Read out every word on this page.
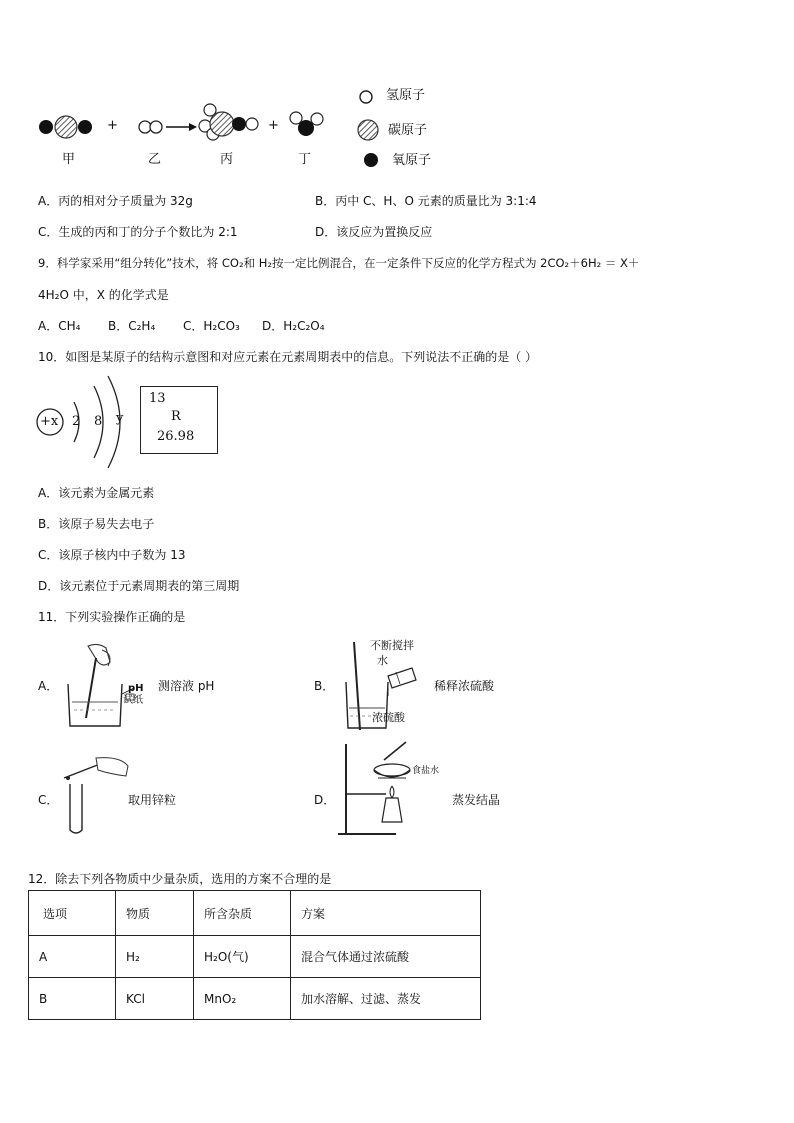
+	+
甲	乙	丙	丁
氢原子
碳原子
氧原子
A．丙的相对分子质量为 32g	B．丙中 C、H、O 元素的质量比为 3:1:4
C．生成的丙和丁的分子个数比为 2:1	D．该反应为置换反应
9．科学家采用“组分转化”技术，将 CO₂和 H₂按一定比例混合，在一定条件下反应的化学方程式为 2CO₂＋6H₂ ＝ X＋
4H₂O 中，X 的化学式是
A．CH₄ B．C₂H₄ C．H₂CO₃ D．H₂C₂O₄
10．如图是某原子的结构示意图和对应元素在元素周期表中的信息。下列说法不正确的是（ ）
+x 2 8 y
13
R
26.98
A．该元素为金属元素
B．该原子易失去电子
C．该原子核内中子数为 13
D．该元素位于元素周期表的第三周期
11．下列实验操作正确的是
A．	pH
试纸
测溶液 pH	B．
不断搅拌
水
浓硫酸
稀释浓硫酸
C．	取用锌粒	D．
食盐水
蒸发结晶
12．除去下列各物质中少量杂质，选用的方案不合理的是
选项	物质	所含杂质	方案
A	H₂	H₂O(气)	混合气体通过浓硫酸
B	KCl	MnO₂	加水溶解、过滤、蒸发
